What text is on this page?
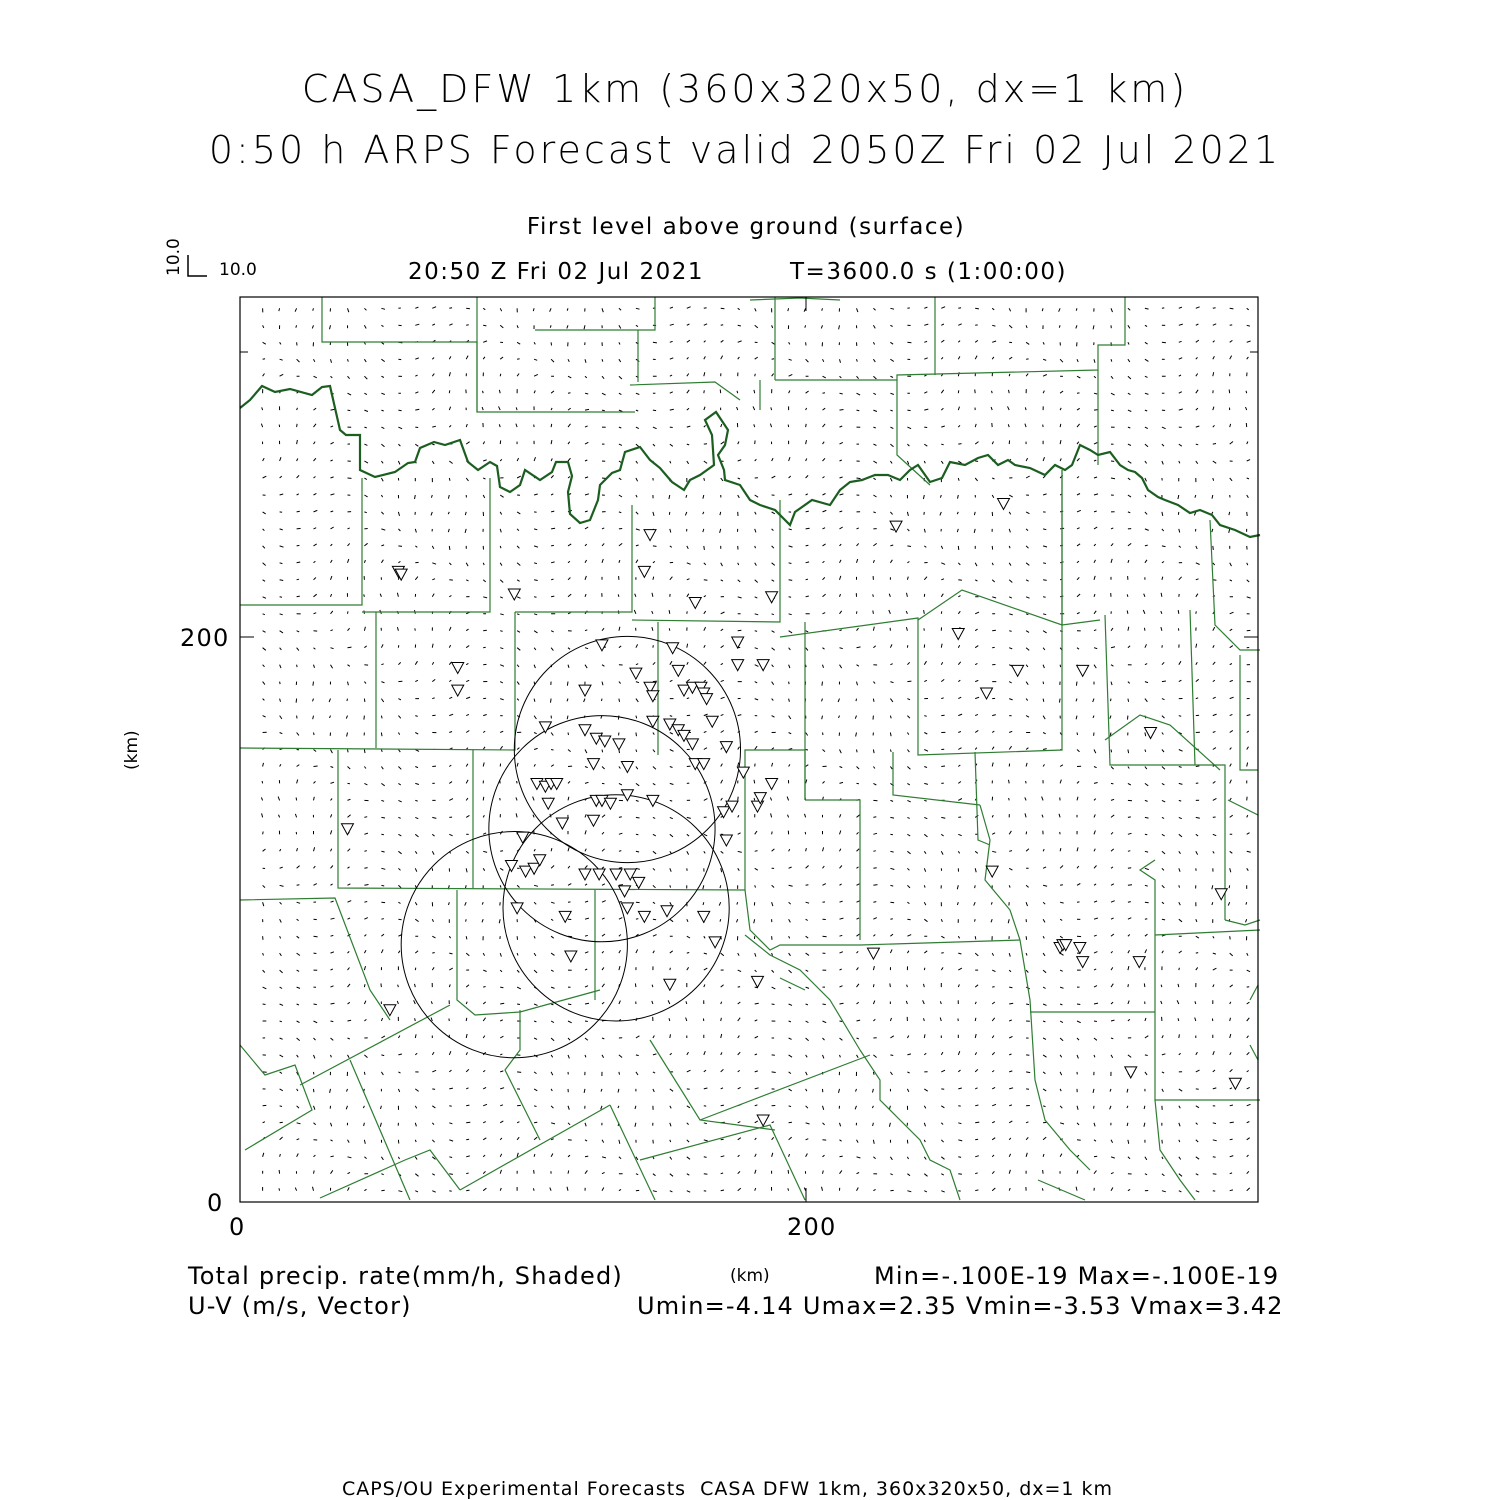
CASA_DFW 1km (360x320x50, dx=1 km)
0:50 h ARPS Forecast valid 2050Z Fri 02 Jul 2021
First level above ground (surface)
20:50 Z Fri 02 Jul 2021	T=3600.0 s (1:00:00)
10.0
10.0
0	200
0
200
(km)
Total precip. rate(mm/h, Shaded)	(km)	Min=-.100E-19 Max=-.100E-19
U-V (m/s, Vector)	Umin=-4.14 Umax=2.35 Vmin=-3.53 Vmax=3.42
CAPS/OU Experimental Forecasts  CASA DFW 1km, 360x320x50, dx=1 km
